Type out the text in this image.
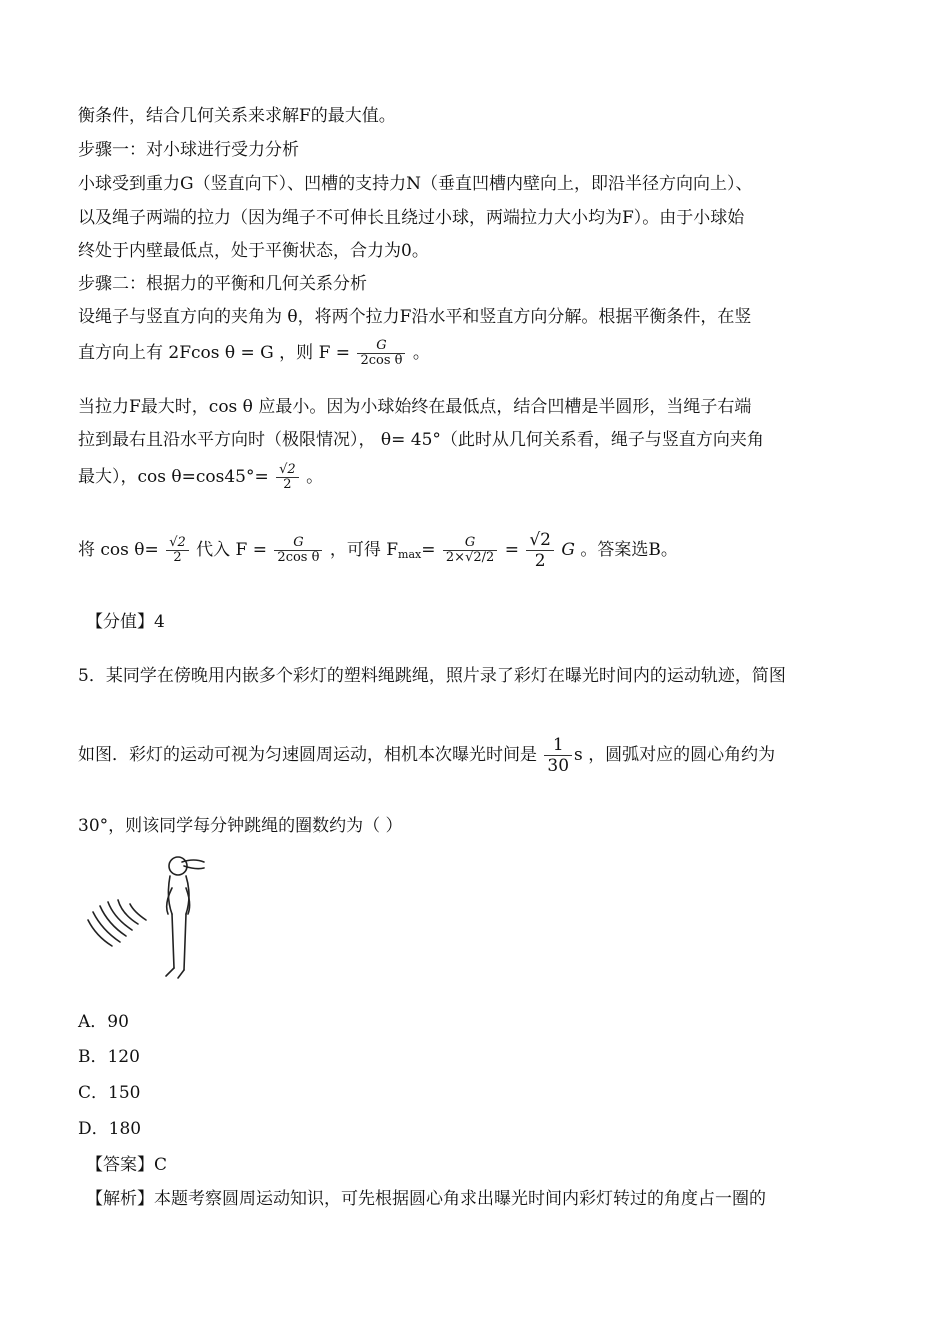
衡条件，结合几何关系来求解F的最大值。
步骤一：对小球进行受力分析
小球受到重力G（竖直向下）、凹槽的支持力N（垂直凹槽内壁向上，即沿半径方向向上）、
以及绳子两端的拉力（因为绳子不可伸长且绕过小球，两端拉力大小均为F）。由于小球始
终处于内壁最低点，处于平衡状态，合力为0。
步骤二：根据力的平衡和几何关系分析
设绳子与竖直方向的夹角为 θ，将两个拉力F沿水平和竖直方向分解。根据平衡条件，在竖
直方向上有 2Fcos θ = G ，则 $F = \frac{G}{\text{2cos θ}}$ 。
当拉力F最大时，cos θ 应最小。因为小球始终在最低点，结合凹槽是半圆形，当绳子右端
拉到最右且沿水平方向时（极限情况）， θ= 45°（此时从几何关系看，绳子与竖直方向夹角
最大），$\cos \theta=\cos 45^\circ= \frac{√2}{2}$ 。
将 $\cos \theta= \frac{√2}{2}$ 代入 $F = \frac{G}{\text{2cos θ}}$ ，可得 $F_{max}= \frac{G}{2\times√2/2} = \frac{√2}{2}$ G 。答案选B。
【分值】4
5．某同学在傍晚用内嵌多个彩灯的塑料绳跳绳，照片录了彩灯在曝光时间内的运动轨迹，简图
如图．彩灯的运动可视为匀速圆周运动，相机本次曝光时间是 $\frac{1}{30}$ s ，圆弧对应的圆心角约为
30°，则该同学每分钟跳绳的圈数约为（ ）
A．90
B．120
C．150
D．180
【答案】C
【解析】本题考察圆周运动知识，可先根据圆心角求出曝光时间内彩灯转过的角度占一圈的
